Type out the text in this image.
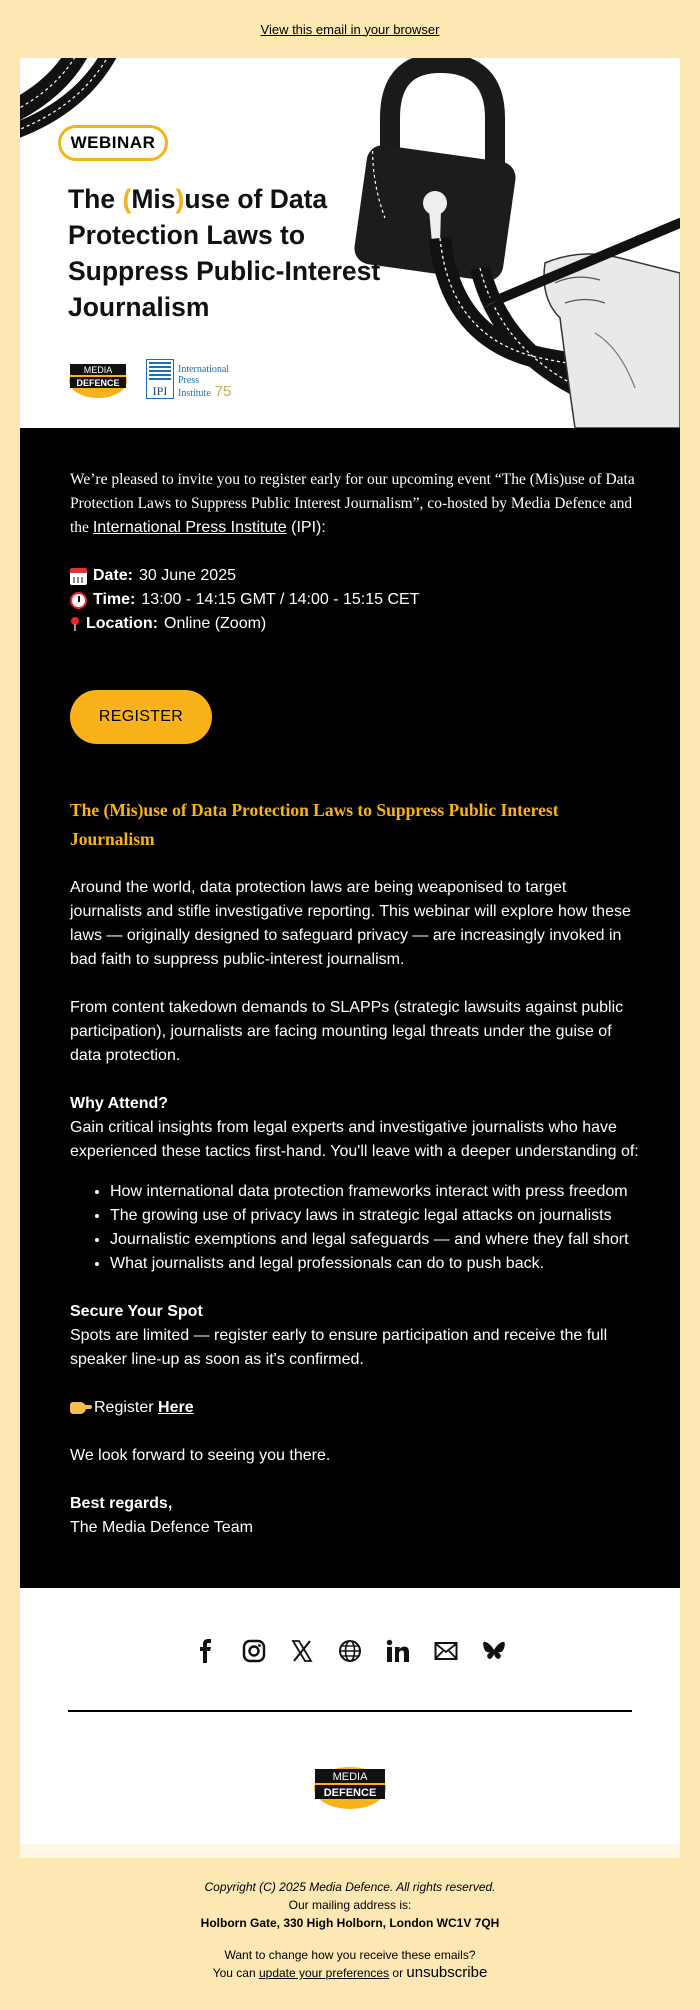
View this email in your browser
WEBINAR
The (Mis)use of Data Protection Laws to Suppress Public-Interest Journalism
MEDIA
DEFENCE
IPI
International
Press
Institute 75

We’re pleased to invite you to register early for our upcoming event “The (Mis)use of Data Protection Laws to Suppress Public Interest Journalism”, co-hosted by Media Defence and the International Press Institute (IPI):

Date: 30 June 2025
Time: 13:00 - 14:15 GMT / 14:00 - 15:15 CET
Location: Online (Zoom)
REGISTER
The (Mis)use of Data Protection Laws to Suppress Public Interest Journalism

Around the world, data protection laws are being weaponised to target journalists and stifle investigative reporting. This webinar will explore how these laws — originally designed to safeguard privacy — are increasingly invoked in bad faith to suppress public-interest journalism.

From content takedown demands to SLAPPs (strategic lawsuits against public participation), journalists are facing mounting legal threats under the guise of data protection.

Why Attend?
Gain critical insights from legal experts and investigative journalists who have experienced these tactics first-hand. You'll leave with a deeper understanding of:
• How international data protection frameworks interact with press freedom
• The growing use of privacy laws in strategic legal attacks on journalists
• Journalistic exemptions and legal safeguards — and where they fall short
• What journalists and legal professionals can do to push back.
Secure Your Spot
Spots are limited — register early to ensure participation and receive the full speaker line-up as soon as it's confirmed.
Register Here

We look forward to seeing you there.

Best regards,
The Media Defence Team
MEDIA
DEFENCE
Copyright (C) 2025 Media Defence. All rights reserved.
Our mailing address is:
Holborn Gate, 330 High Holborn, London WC1V 7QH
Want to change how you receive these emails?
You can update your preferences or unsubscribe
